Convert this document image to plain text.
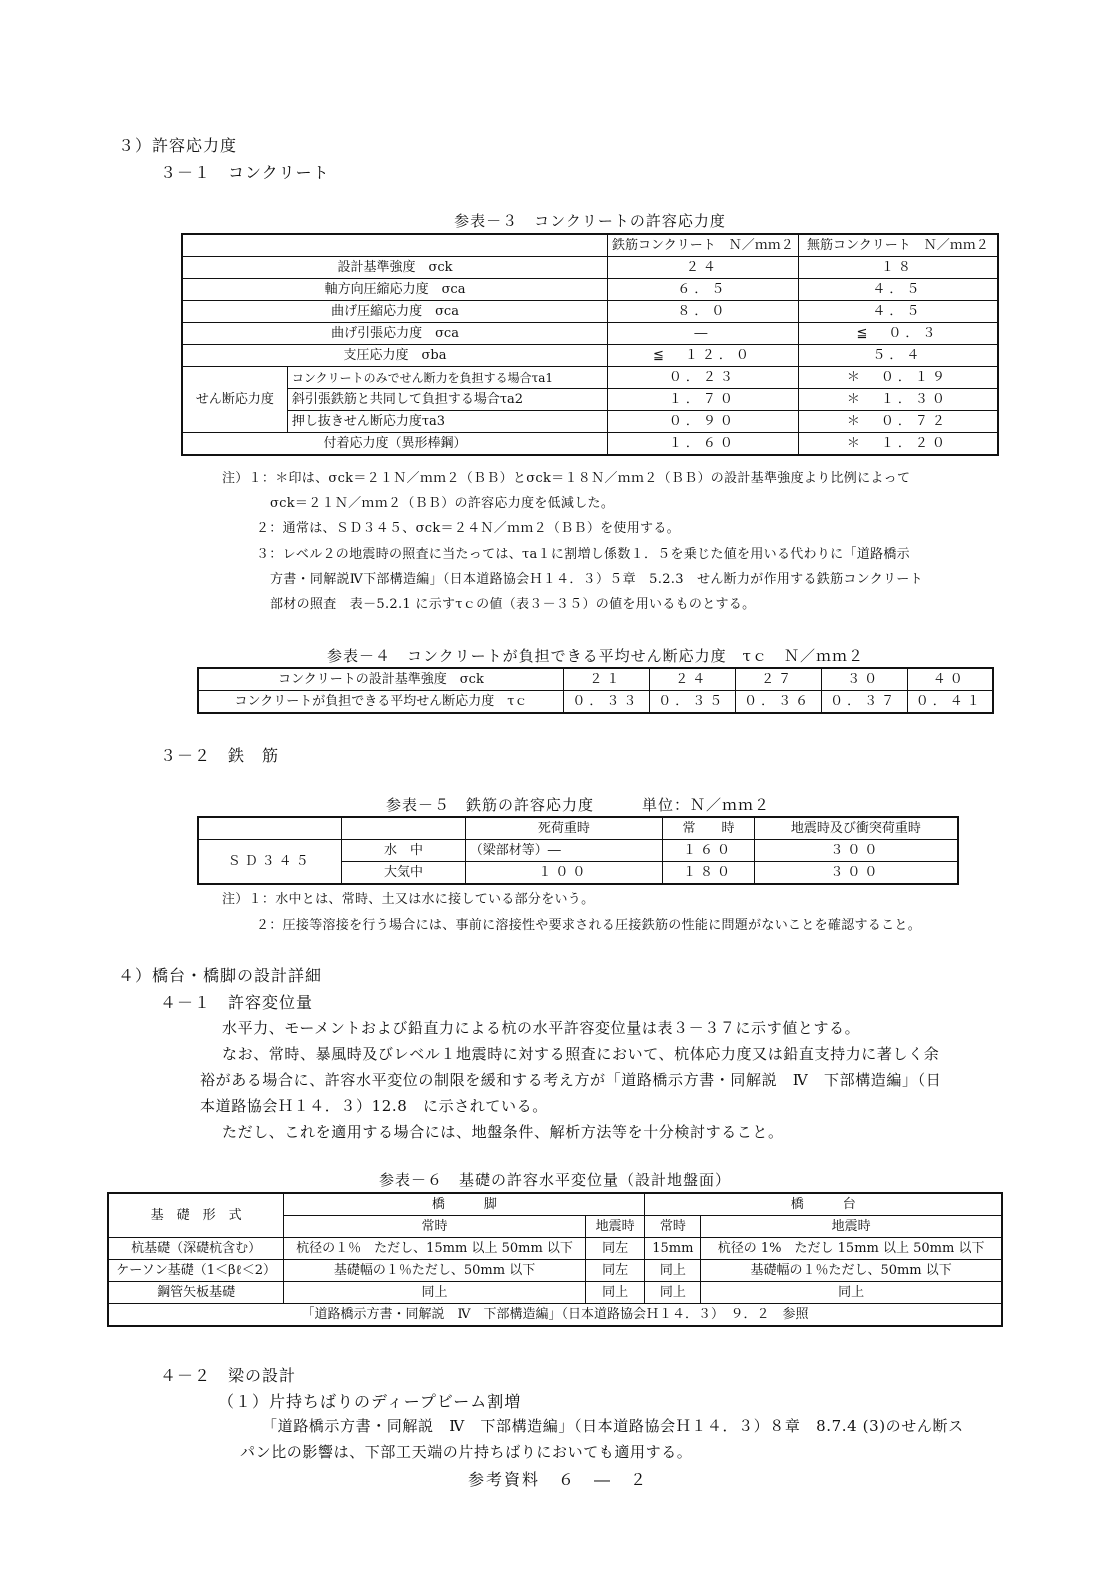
３）許容応力度
３－１　コンクリート
参表－３　コンクリートの許容応力度
		鉄筋コンクリート　Ｎ／ｍｍ２	無筋コンクリート　Ｎ／ｍｍ２
設計基準強度　σck		２４	１８
軸方向圧縮応力度　σca		６．５	４．５
曲げ圧縮応力度　σca		８．０	４．５
曲げ引張応力度　σca		―	≦　０．３
支圧応力度　σba		≦　１２．０	５．４
せん断応力度	コンクリートのみでせん断力を負担する場合τa1	０．２３	＊　０．１９
	斜引張鉄筋と共同して負担する場合τa2	１．７０	＊　１．３０
	押し抜きせん断応力度τa3	０．９０	＊　０．７２
付着応力度（異形棒鋼）		１．６０	＊　１．２０
注）１：＊印は、σck＝２１Ｎ／ｍｍ２（ＢＢ）とσck＝１８Ｎ／ｍｍ２（ＢＢ）の設計基準強度より比例によって
σck＝２１Ｎ／ｍｍ２（ＢＢ）の許容応力度を低減した。
２：通常は、ＳＤ３４５、σck＝２４Ｎ／ｍｍ２（ＢＢ）を使用する。
３：レベル２の地震時の照査に当たっては、τa１に割増し係数１．５を乗じた値を用いる代わりに「道路橋示
方書・同解説Ⅳ下部構造編」（日本道路協会Ｈ１４．３）５章　5.2.3　せん断力が作用する鉄筋コンクリート
部材の照査　表－5.2.1 に示すτｃの値（表３－３５）の値を用いるものとする。
参表－４　コンクリートが負担できる平均せん断応力度　τｃ　Ｎ／ｍｍ２
コンクリートの設計基準強度　σck	２１	２４	２７	３０	４０
コンクリートが負担できる平均せん断応力度　τｃ	０．３３	０．３５	０．３６	０．３７	０．４１
３－２　鉄　筋
参表－５　鉄筋の許容応力度　　　単位：Ｎ／ｍｍ２
		死荷重時	常　　時	地震時及び衝突荷重時
ＳＤ３４５	水　中	（梁部材等）―	１６０	３００
	大気中	１００	１８０	３００
注）１：水中とは、常時、土又は水に接している部分をいう。
２：圧接等溶接を行う場合には、事前に溶接性や要求される圧接鉄筋の性能に問題がないことを確認すること。
４）橋台・橋脚の設計詳細
４－１　許容変位量
水平力、モーメントおよび鉛直力による杭の水平許容変位量は表３－３７に示す値とする。
なお、常時、暴風時及びレベル１地震時に対する照査において、杭体応力度又は鉛直支持力に著しく余
裕がある場合に、許容水平変位の制限を緩和する考え方が「道路橋示方書・同解説　Ⅳ　下部構造編」（日
本道路協会Ｈ１４．３）12.8　に示されている。
ただし、これを適用する場合には、地盤条件、解析方法等を十分検討すること。
参表－６　基礎の許容水平変位量（設計地盤面）
基　礎　形　式	橋　　　脚		橋　　　台	
	常時	地震時	常時	地震時
杭基礎（深礎杭含む）	杭径の１％　ただし、15mm 以上 50mm 以下	同左	15mm	杭径の 1%　ただし 15mm 以上 50mm 以下
ケーソン基礎（1＜βℓ＜2）	基礎幅の１％ただし、50mm 以下	同左	同上	基礎幅の１％ただし、50mm 以下
鋼管矢板基礎	同上	同上	同上	同上
「道路橋示方書・同解説　Ⅳ　下部構造編」（日本道路協会Ｈ１４．３）　９．２　参照				
４－２　梁の設計
（１）片持ちばりのディープビーム割増
「道路橋示方書・同解説　Ⅳ　下部構造編」（日本道路協会Ｈ１４．３）８章　8.7.4 (3)のせん断ス
パン比の影響は、下部工天端の片持ちばりにおいても適用する。
参考資料　６　―　２
